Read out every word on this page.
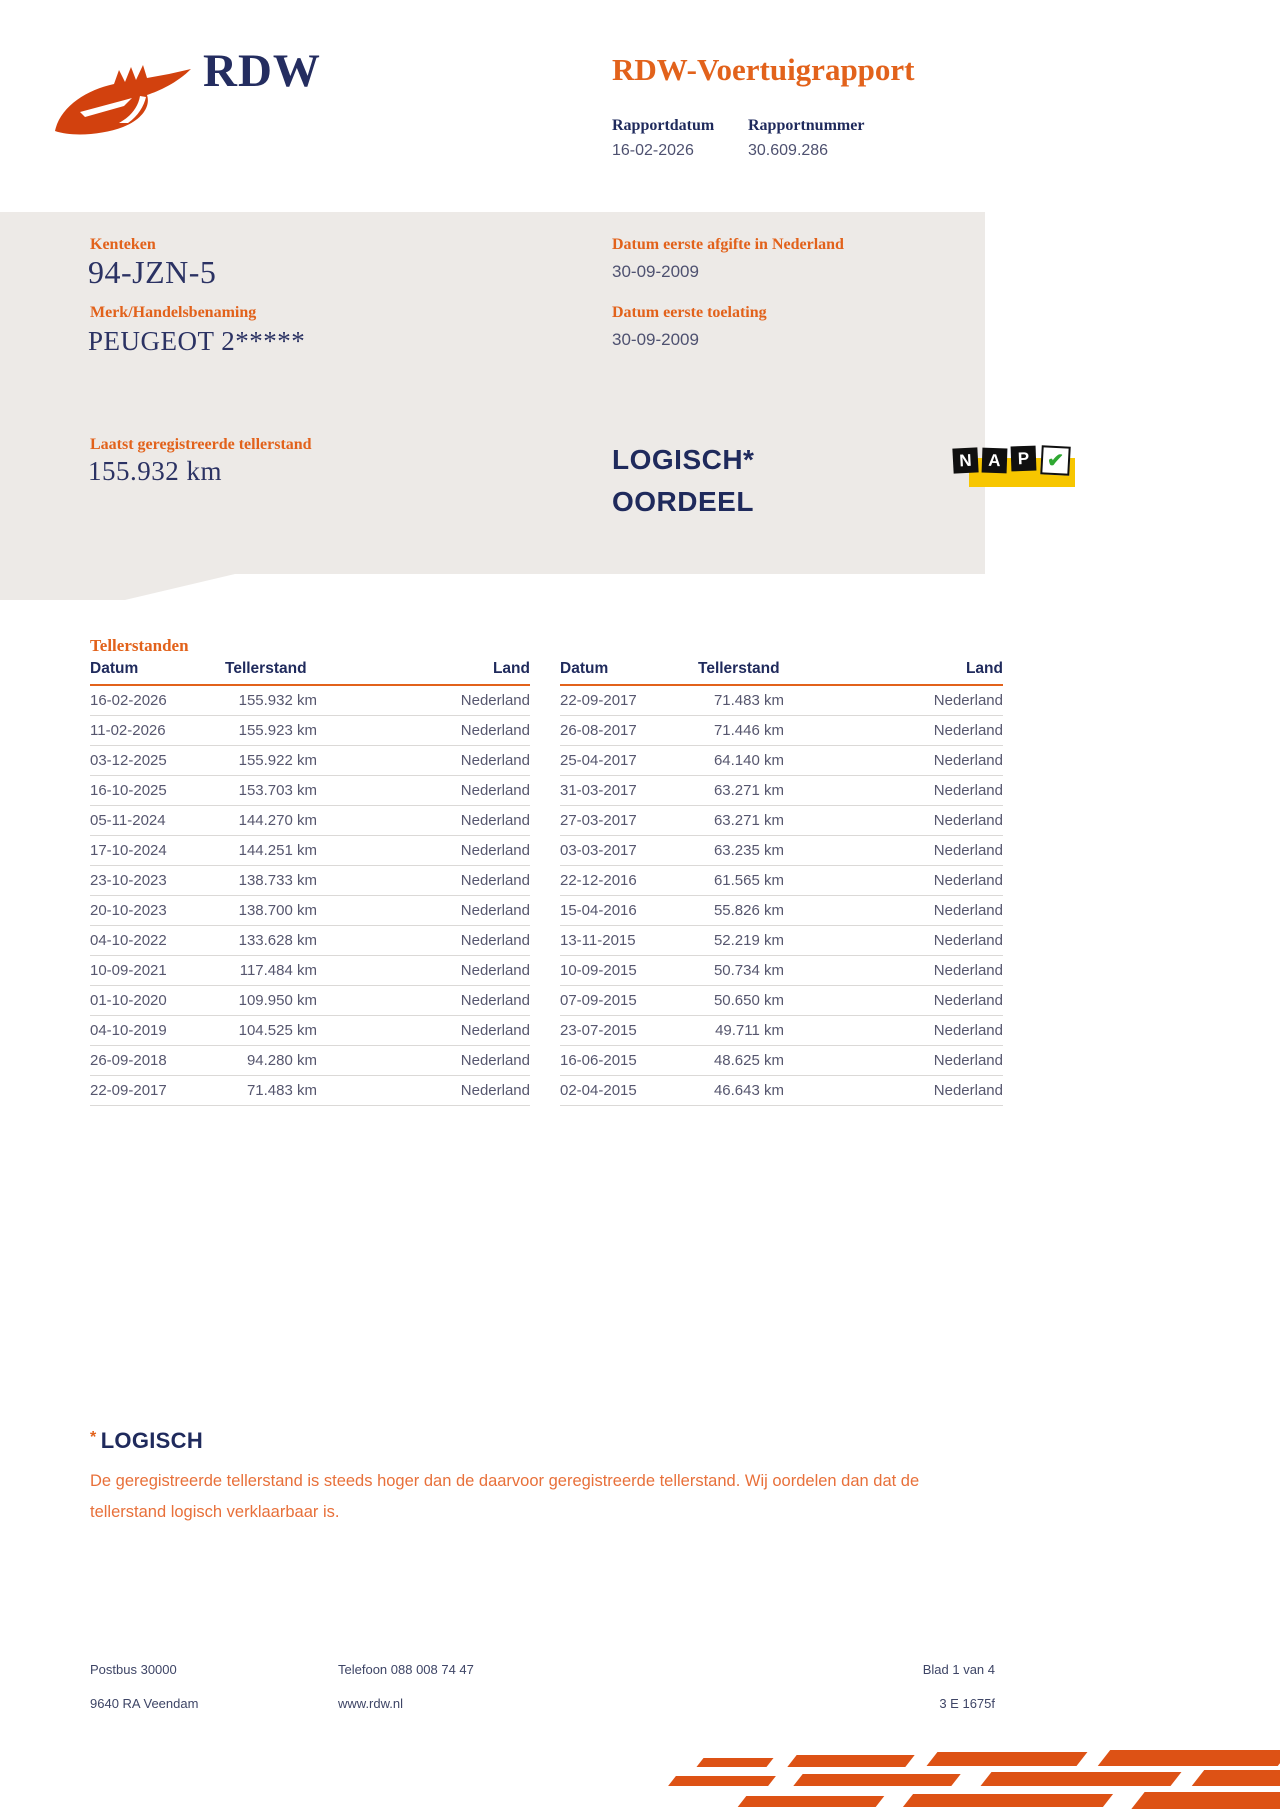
RDW	RDW-Voertuigrapport
Rapportdatum Rapportnummer
16-02-2026	30.609.286
Kenteken
94-JZN-5
Merk/Handelsbenaming
PEUGEOT 2*****
Laatst geregistreerde tellerstand
155.932 km
Datum eerste afgifte in Nederland
30-09-2009
Datum eerste toelating
30-09-2009
LOGISCH*
OORDEEL
N A P ✔
Tellerstanden
Datum	Tellerstand	Land
16-02-2026	155.932 km	Nederland
11-02-2026	155.923 km	Nederland
03-12-2025	155.922 km	Nederland
16-10-2025	153.703 km	Nederland
05-11-2024	144.270 km	Nederland
17-10-2024	144.251 km	Nederland
23-10-2023	138.733 km	Nederland
20-10-2023	138.700 km	Nederland
04-10-2022	133.628 km	Nederland
10-09-2021	117.484 km	Nederland
01-10-2020	109.950 km	Nederland
04-10-2019	104.525 km	Nederland
26-09-2018	94.280 km	Nederland
22-09-2017	71.483 km	Nederland
Datum	Tellerstand	Land
22-09-2017	71.483 km	Nederland
26-08-2017	71.446 km	Nederland
25-04-2017	64.140 km	Nederland
31-03-2017	63.271 km	Nederland
27-03-2017	63.271 km	Nederland
03-03-2017	63.235 km	Nederland
22-12-2016	61.565 km	Nederland
15-04-2016	55.826 km	Nederland
13-11-2015	52.219 km	Nederland
10-09-2015	50.734 km	Nederland
07-09-2015	50.650 km	Nederland
23-07-2015	49.711 km	Nederland
16-06-2015	48.625 km	Nederland
02-04-2015	46.643 km	Nederland
* LOGISCH
De geregistreerde tellerstand is steeds hoger dan de daarvoor geregistreerde tellerstand. Wij oordelen dan dat de tellerstand logisch verklaarbaar is.
Postbus 30000
9640 RA Veendam
Telefoon 088 008 74 47
www.rdw.nl
Blad 1 van 4
3 E 1675f
